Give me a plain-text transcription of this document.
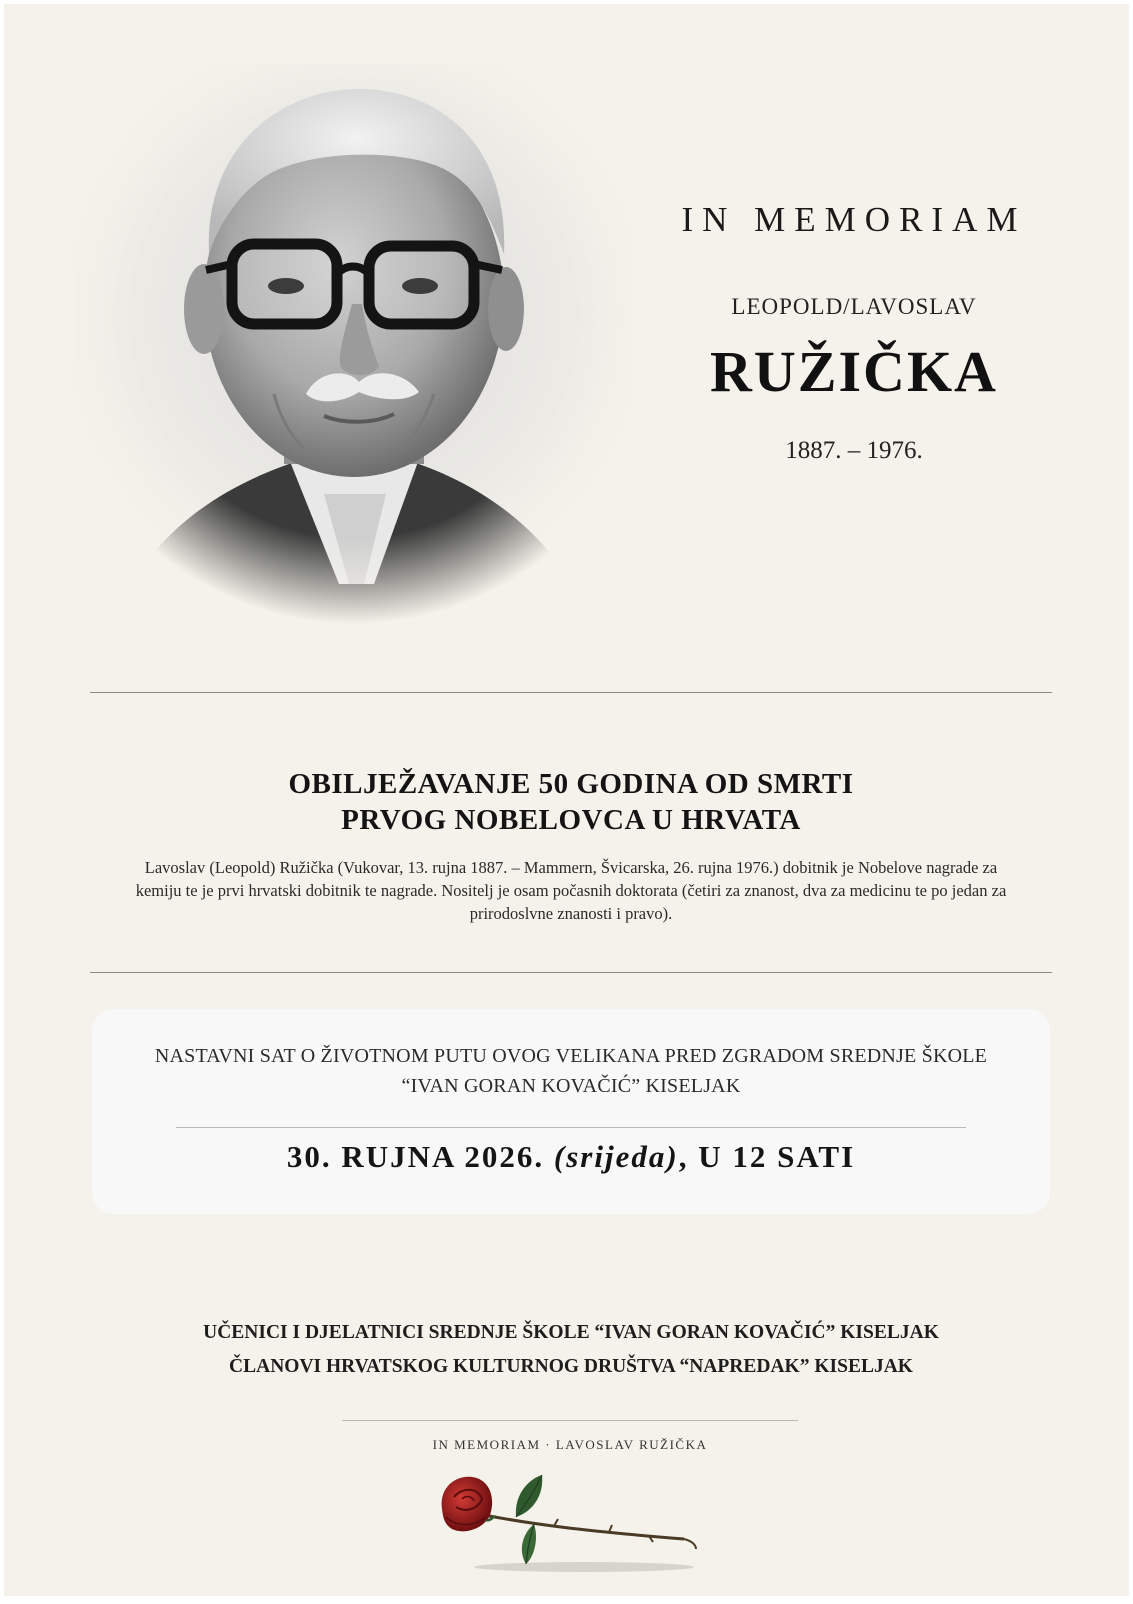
IN MEMORIAM
LEOPOLD/LAVOSLAV
RUŽIČKA
1887. – 1976.
OBILJEŽAVANJE 50 GODINA OD SMRTI
PRVOG NOBELOVCA U HRVATA
Lavoslav (Leopold) Ružička (Vukovar, 13. rujna 1887. – Mammern, Švicarska, 26. rujna 1976.) dobitnik je Nobelove nagrade za
kemiju te je prvi hrvatski dobitnik te nagrade. Nositelj je osam počasnih doktorata (četiri za znanost, dva za medicinu te po jedan za
prirodoslvne znanosti i pravo).
NASTAVNI SAT O ŽIVOTNOM PUTU OVOG VELIKANA PRED ZGRADOM SREDNJE ŠKOLE
“IVAN GORAN KOVAČIĆ” KISELJAK
30. RUJNA 2026. (srijeda), U 12 SATI
UČENICI I DJELATNICI SREDNJE ŠKOLE “IVAN GORAN KOVAČIĆ” KISELJAK
ČLANOVI HRVATSKOG KULTURNOG DRUŠTVA “NAPREDAK” KISELJAK
IN MEMORIAM · LAVOSLAV RUŽIČKA
